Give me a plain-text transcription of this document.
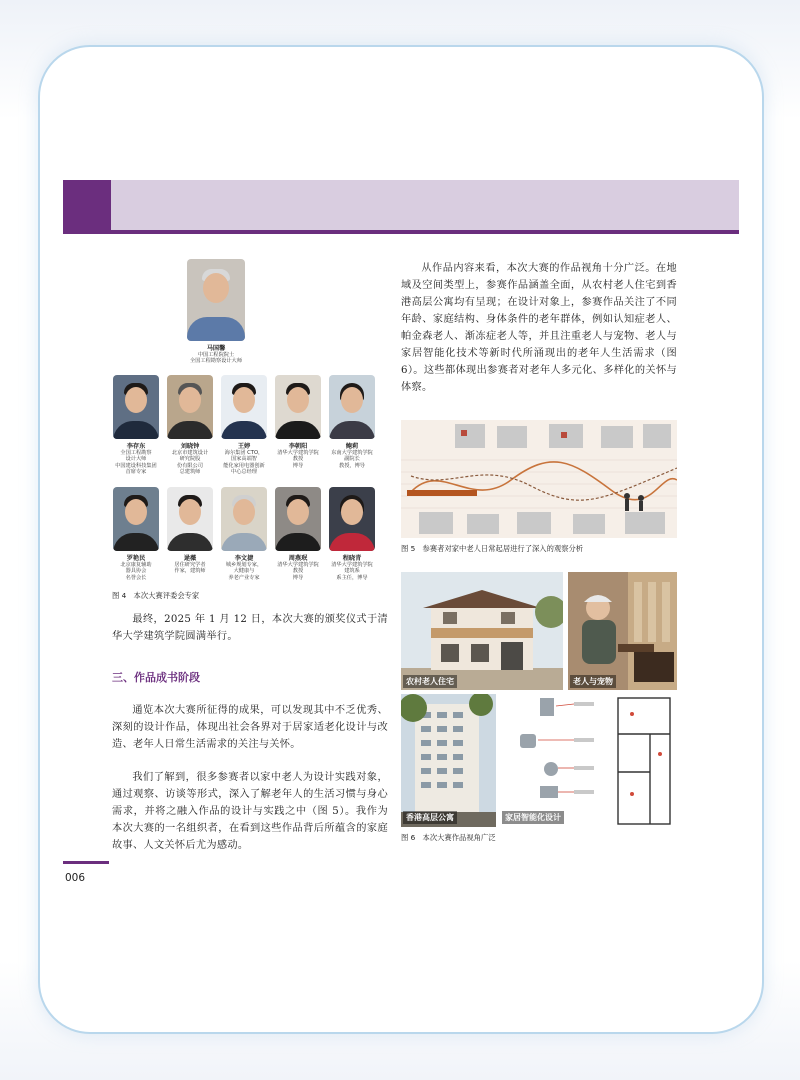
马国馨
中国工程院院士
全国工程勘察设计大师
李存东
全国工程勘察
设计大师
中国建设科技集团
首席专家
刘晓钟
北京市建筑设计
研究院股
份有限公司
总建筑师
王婷
海尔集团 CTO，
国家高端智
能化家用电器创新
中心总经理
李朝阳
清华大学建筑学院
教授
博导
鲍莉
东南大学建筑学院
副院长
教授，博导
罗艳民
北京康复辅助
器具协会
名誉会长
逯薇
居住研究学者
作家，建筑师
李文捷
城乡规划专家，
大健康与
养老产业专家
周燕珉
清华大学建筑学院
教授
博导
程晓青
清华大学建筑学院
建筑系
系主任，博导
图 4　本次大赛评委会专家

最终，2025 年 1 月 12 日，本次大赛的颁奖仪式于清华大学建筑学院圆满举行。

三、作品成书阶段

通览本次大赛所征得的成果，可以发现其中不乏优秀、深刻的设计作品，体现出社会各界对于居家适老化设计与改造、老年人日常生活需求的关注与关怀。

我们了解到，很多参赛者以家中老人为设计实践对象，通过观察、访谈等形式，深入了解老年人的生活习惯与身心需求，并将之融入作品的设计与实践之中（图 5）。我作为本次大赛的一名组织者，在看到这些作品背后所蕴含的家庭故事、人文关怀后尤为感动。

006

从作品内容来看，本次大赛的作品视角十分广泛。在地域及空间类型上，参赛作品涵盖全面，从农村老人住宅到香港高层公寓均有呈现；在设计对象上，参赛作品关注了不同年龄、家庭结构、身体条件的老年群体，例如认知症老人、帕金森老人、渐冻症老人等，并且注重老人与宠物、老人与家居智能化技术等新时代所涌现出的老年人生活需求（图 6）。这些都体现出参赛者对老年人多元化、多样化的关怀与体察。

图 5　参赛者对家中老人日常起居进行了深入的观察分析
农村老人住宅	老人与宠物
香港高层公寓	家居智能化设计
图 6　本次大赛作品视角广泛
